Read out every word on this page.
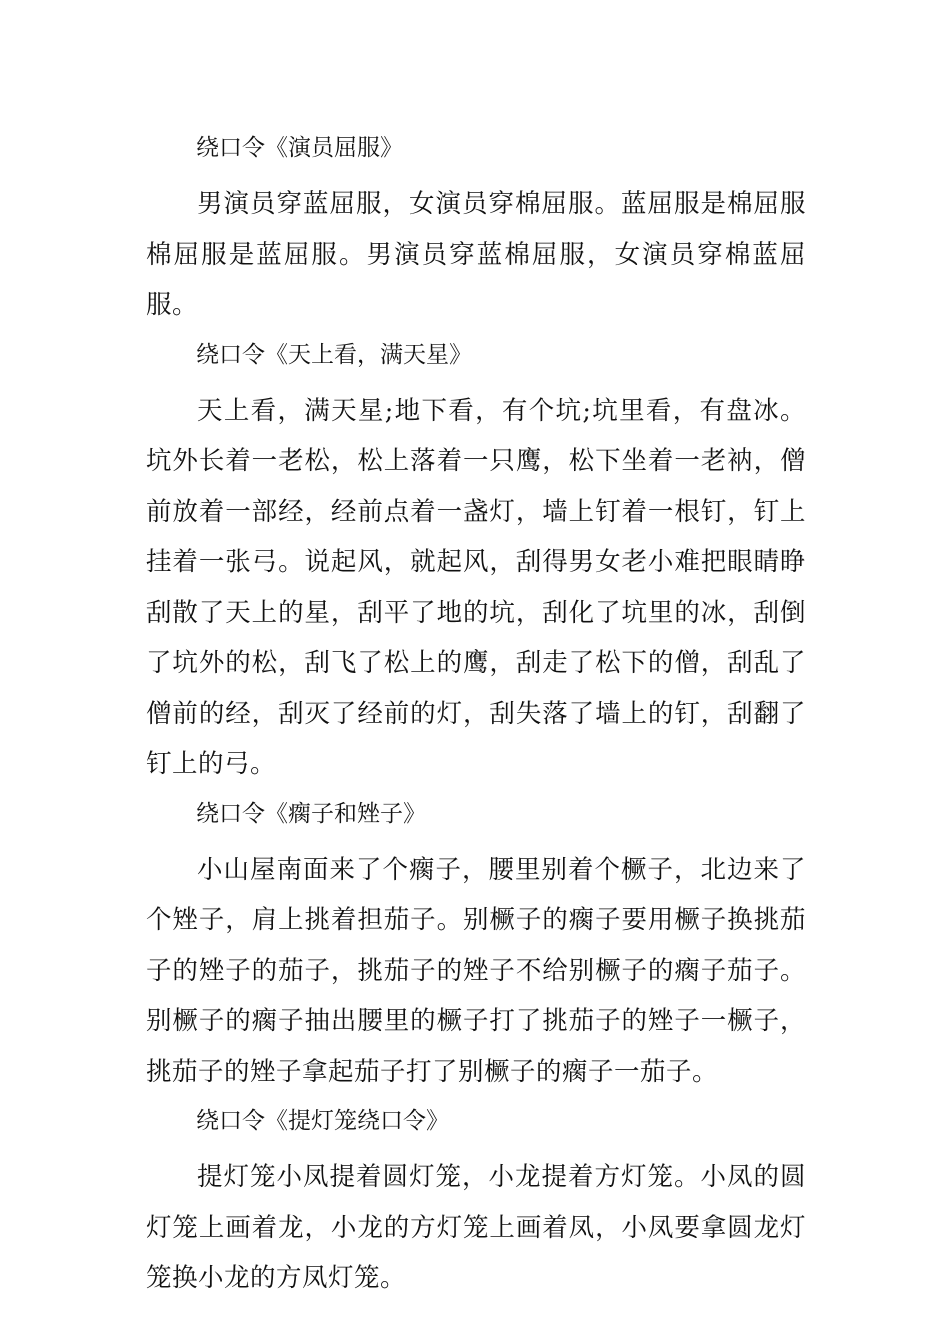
绕口令《演员屈服》
男演员穿蓝屈服，女演员穿棉屈服。蓝屈服是棉屈服棉屈服是蓝屈服。男演员穿蓝棉屈服，女演员穿棉蓝屈服。
绕口令《天上看，满天星》
天上看，满天星;地下看，有个坑;坑里看，有盘冰。坑外长着一老松，松上落着一只鹰，松下坐着一老衲，僧前放着一部经，经前点着一盏灯，墙上钉着一根钉，钉上挂着一张弓。说起风，就起风，刮得男女老小难把眼睛睁刮散了天上的星，刮平了地的坑，刮化了坑里的冰，刮倒了坑外的松，刮飞了松上的鹰，刮走了松下的僧，刮乱了僧前的经，刮灭了经前的灯，刮失落了墙上的钉，刮翻了钉上的弓。
绕口令《瘸子和矬子》
小山屋南面来了个瘸子，腰里别着个橛子，北边来了个矬子，肩上挑着担茄子。别橛子的瘸子要用橛子换挑茄子的矬子的茄子，挑茄子的矬子不给别橛子的瘸子茄子。别橛子的瘸子抽出腰里的橛子打了挑茄子的矬子一橛子，挑茄子的矬子拿起茄子打了别橛子的瘸子一茄子。
绕口令《提灯笼绕口令》
提灯笼小凤提着圆灯笼，小龙提着方灯笼。小凤的圆灯笼上画着龙，小龙的方灯笼上画着凤，小凤要拿圆龙灯笼换小龙的方凤灯笼。
